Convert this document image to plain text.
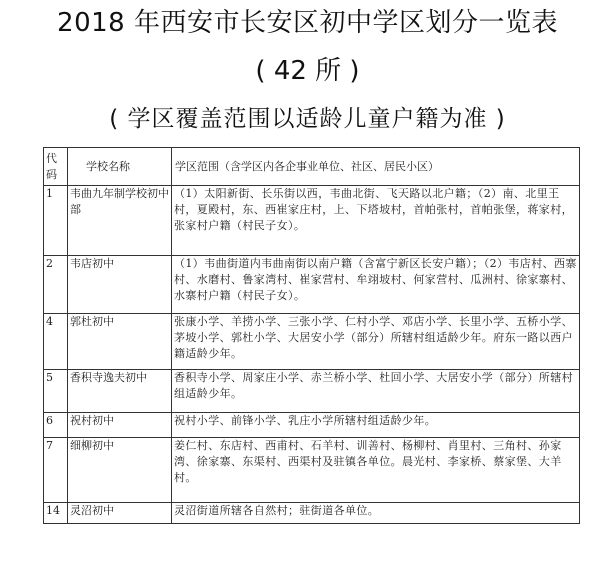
2018 年西安市长安区初中学区划分一览表
( 42 所 )
( 学区覆盖范围以适龄儿童户籍为准 )
代
码	学校名称	学区范围（含学区内各企事业单位、社区、居民小区）
1	韦曲九年制学校初中部	（1）太阳新街、长乐街以西，韦曲北街、飞天路以北户籍；（2）南、北里王村，夏殿村，东、西崔家庄村，上、下塔坡村，首帕张村，首帕张堡，蒋家村，张家村户籍（村民子女）。
2	韦店初中	（1）韦曲街道内韦曲南街以南户籍（含富宁新区长安户籍）；（2）韦店村、西寨村、水磨村、鲁家湾村、崔家营村、牟翊坡村、何家营村、瓜洲村、徐家寨村、水寨村户籍（村民子女）。
4	郭杜初中	张康小学、羊捞小学、三张小学、仁村小学、邓店小学、长里小学、五桥小学、茅坡小学、郭杜小学、大居安小学（部分）所辖村组适龄少年。府东一路以西户籍适龄少年。
5	香积寺逸夫初中	香积寺小学、周家庄小学、赤兰桥小学、杜回小学、大居安小学（部分）所辖村组适龄少年。
6	祝村初中	祝村小学、前锋小学、乳庄小学所辖村组适龄少年。
7	细柳初中	姜仁村、东店村、西甫村、石羊村、训善村、杨柳村、肖里村、三角村、孙家湾、徐家寨、东渠村、西渠村及驻镇各单位。晨光村、李家桥、蔡家堡、大羊村。
14	灵沼初中	灵沼街道所辖各自然村；驻街道各单位。
